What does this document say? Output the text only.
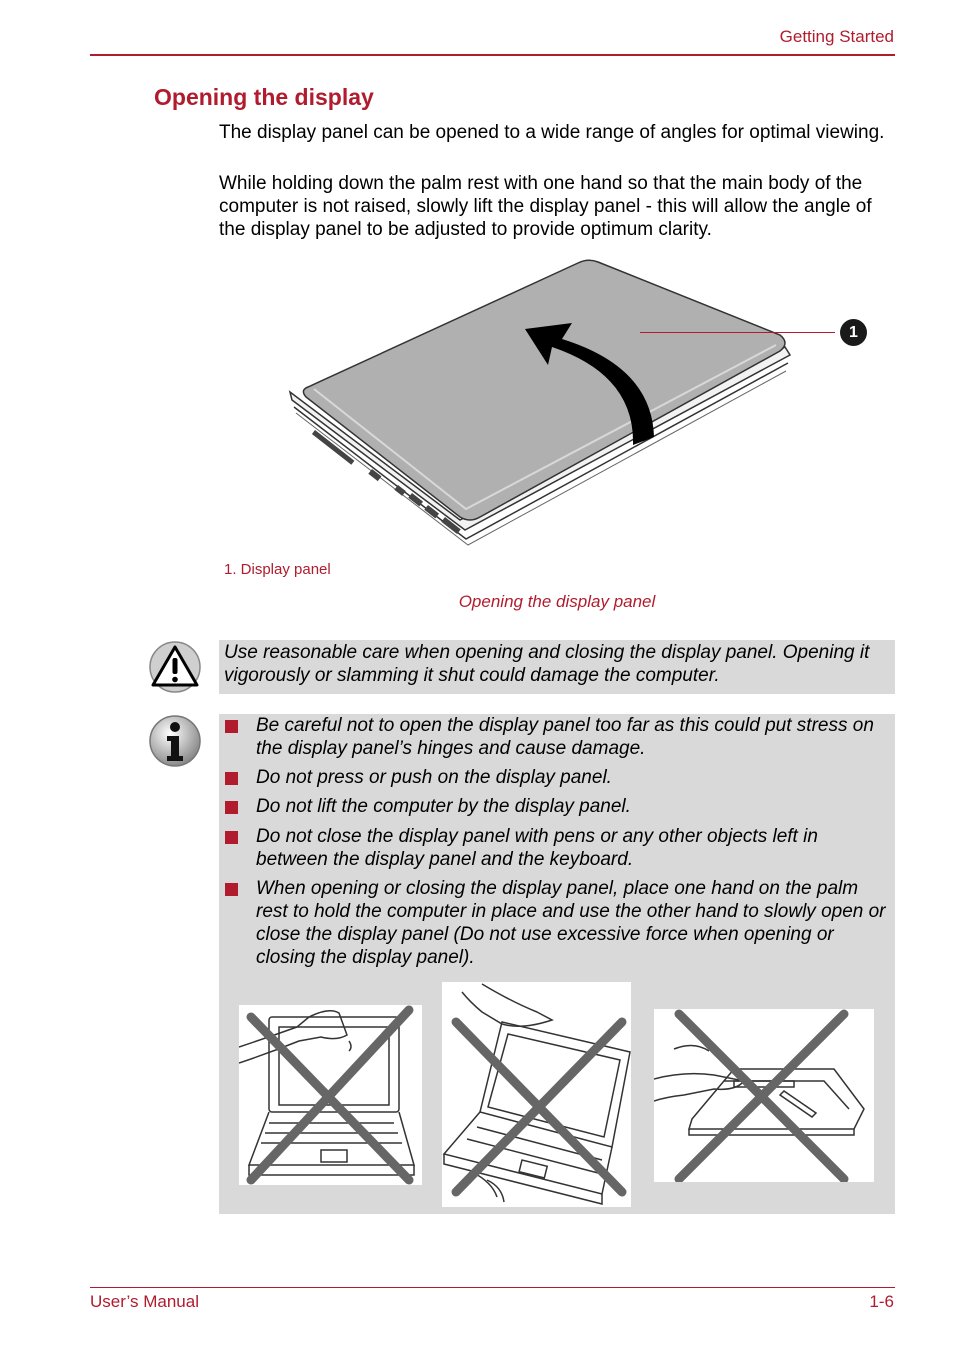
Getting Started
Opening the display
The display panel can be opened to a wide range of angles for optimal viewing.
While holding down the palm rest with one hand so that the main body of the computer is not raised, slowly lift the display panel - this will allow the angle of the display panel to be adjusted to provide optimum clarity.
1
1. Display panel
Opening the display panel
Use reasonable care when opening and closing the display panel. Opening it vigorously or slamming it shut could damage the computer.
Be careful not to open the display panel too far as this could put stress on the display panel’s hinges and cause damage.
Do not press or push on the display panel.
Do not lift the computer by the display panel.
Do not close the display panel with pens or any other objects left in between the display panel and the keyboard.
When opening or closing the display panel, place one hand on the palm rest to hold the computer in place and use the other hand to slowly open or close the display panel (Do not use excessive force when opening or closing the display panel).
User’s Manual	1-6
